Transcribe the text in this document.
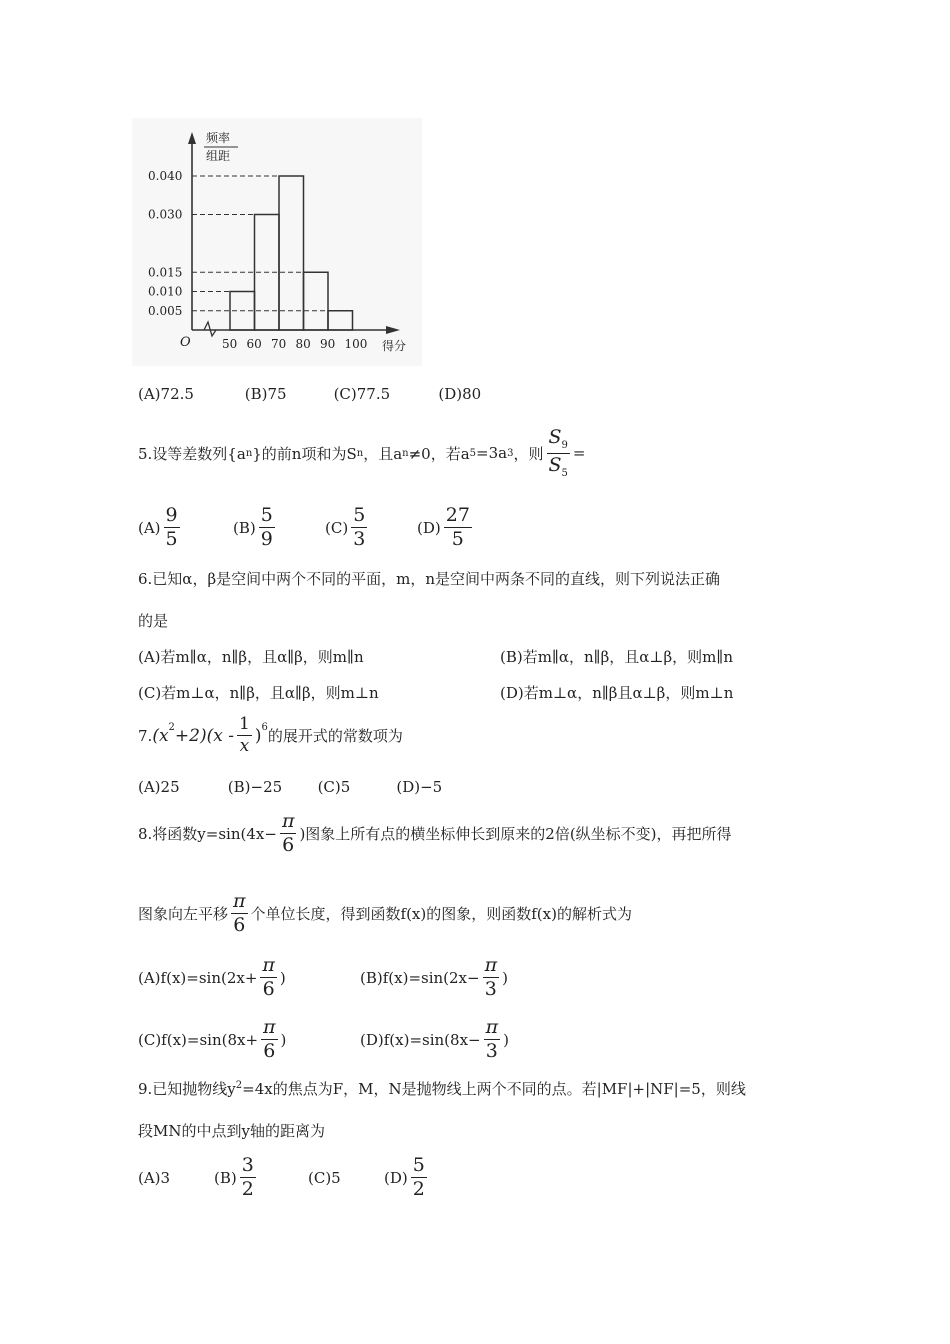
频率
组距
0.040
0.030
0.015
0.010
0.005
50 60 70 80 90 100 得分
O
(A)72.5	(B)75	(C)77.5	(D)80
5.设等差数列{a n }的前n项和为S n ，且a n ≠0，若a 5 =3a 3 ，则 $\frac{S_9}{S_5}$ =
$(A) \frac{9}{5}$	$(B) \frac{5}{9}$	$(C) \frac{5}{3}$	$(D) \frac{27}{5}$
6.已知α，β是空间中两个不同的平面，m，n是空间中两条不同的直线，则下列说法正确
的是
(A)若m∥α，n∥β，且α∥β，则m∥n	(B)若m∥α，n∥β，且α⊥β，则m∥n
(C)若m⊥α，n∥β，且α∥β，则m⊥n	(D)若m⊥α，n∥β且α⊥β，则m⊥n
7. $(x^2 +2)(x - \frac{1}{x} )^6$ 的展开式的常数项为
(A)25	(B)−25 (C)5	(D)−5
8.将函数$y=\sin(4x- \frac{\pi}{6}$ )图象上所有点的横坐标伸长到原来的2倍(纵坐标不变)，再把所得
图象向左平移 $\frac{\pi}{6}$ 个单位长度，得到函数f(x)的图象，则函数f(x)的解析式为
$(A)f(x)=\sin(2x+ \frac{\pi}{6}$ )	$(B)f(x)=\sin(2x- \frac{\pi}{3}$ )
$(C)f(x)=\sin(8x+ \frac{\pi}{6}$ )	$(D)f(x)=\sin(8x- \frac{\pi}{3}$ )
9.已知抛物线$y^2=4x$的焦点为F，M，N是抛物线上两个不同的点。若|MF|+|NF|=5，则线
段MN的中点到y轴的距离为
(A)3	$(B) \frac{3}{2}$	(C)5	$(D) \frac{5}{2}$
